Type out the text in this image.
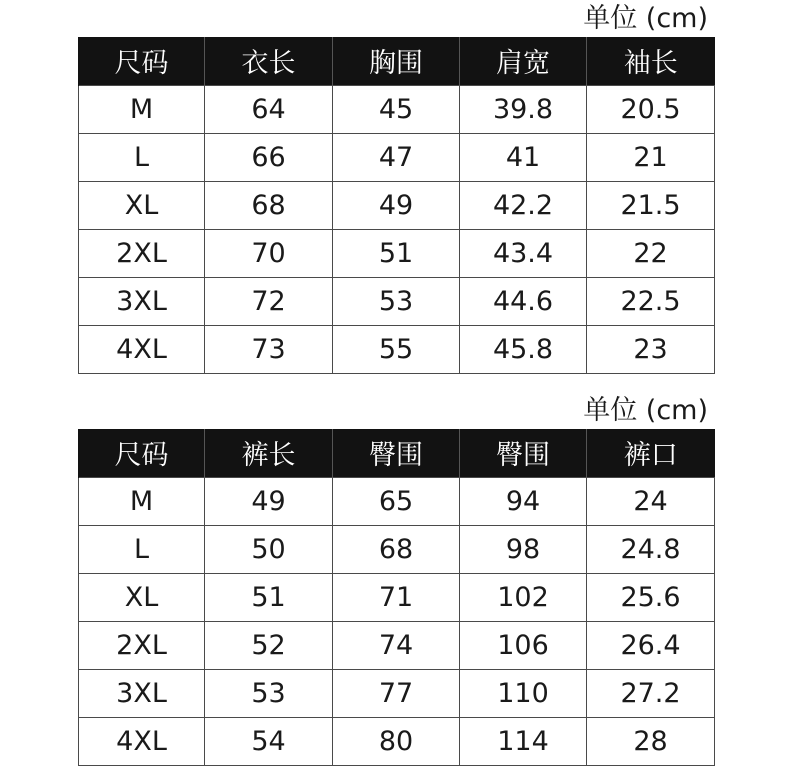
单位 (cm)
尺码	衣长	胸围	肩宽	袖长
M	64	45	39.8	20.5
L	66	47	41	21
XL	68	49	42.2	21.5
2XL	70	51	43.4	22
3XL	72	53	44.6	22.5
4XL	73	55	45.8	23
单位 (cm)
尺码	裤长	臀围	臀围	裤口
M	49	65	94	24
L	50	68	98	24.8
XL	51	71	102	25.6
2XL	52	74	106	26.4
3XL	53	77	110	27.2
4XL	54	80	114	28
